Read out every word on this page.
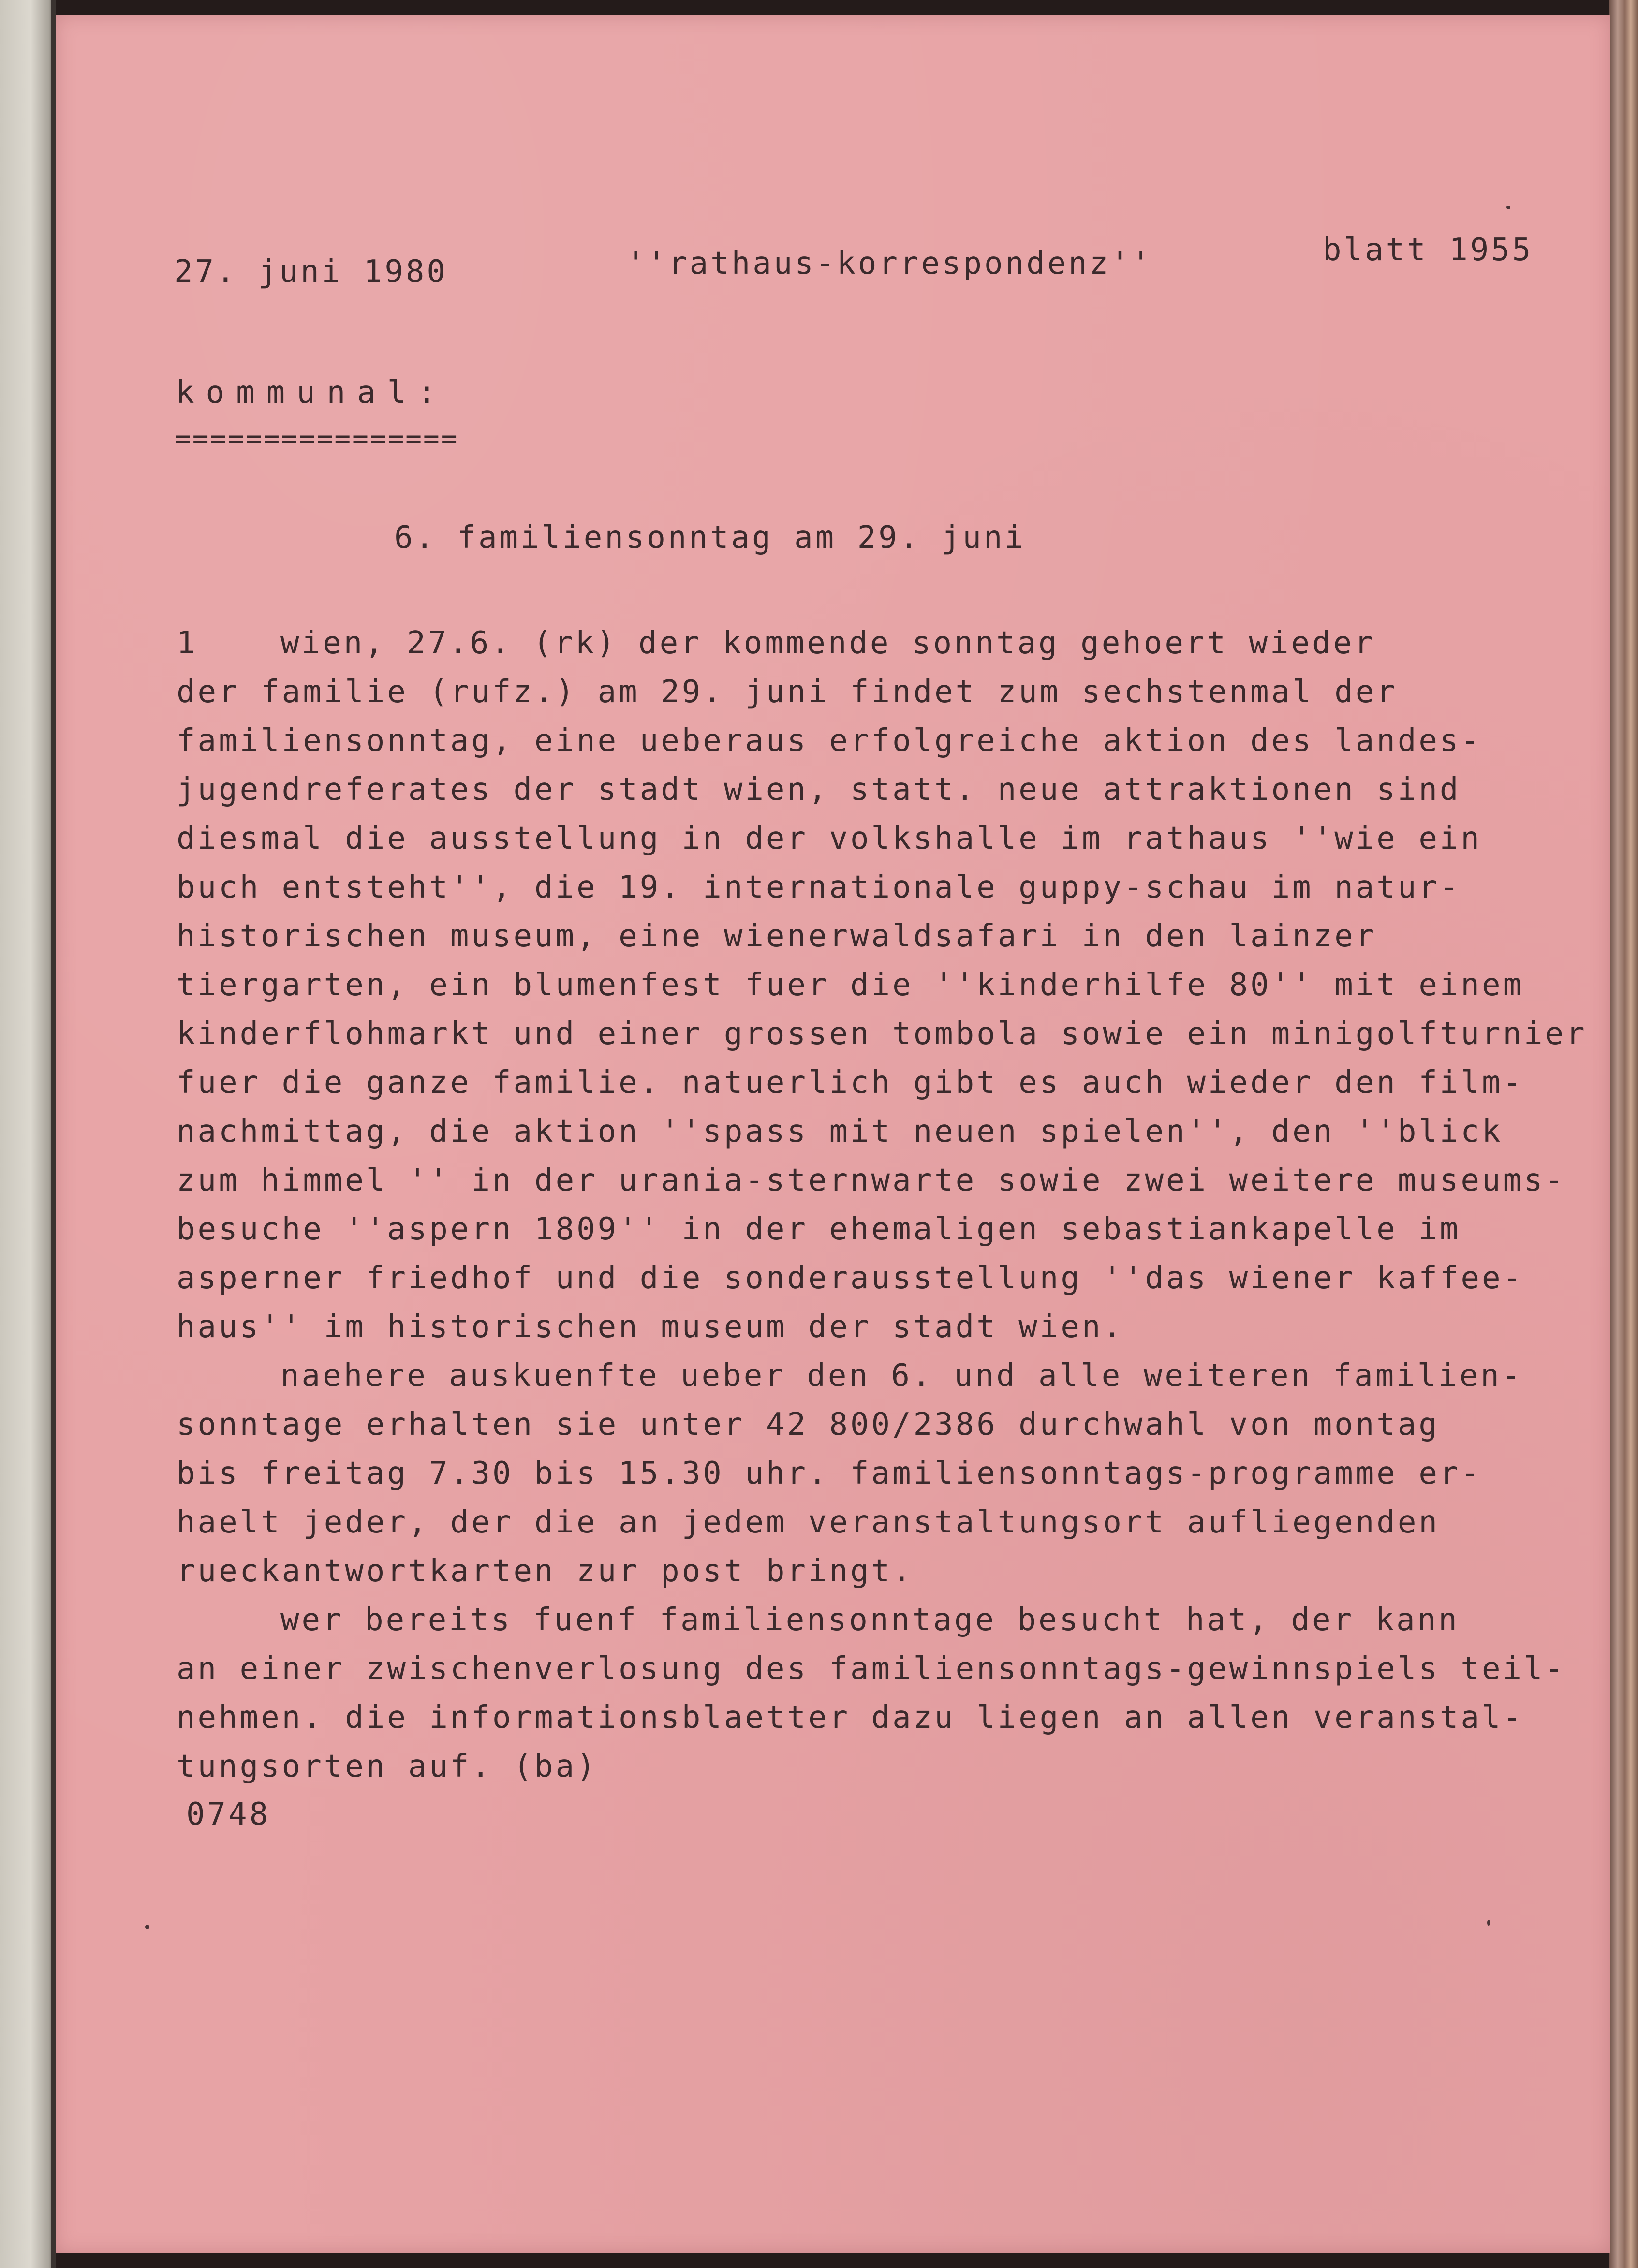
27. juni 1980	''rathaus-korrespondenz''	blatt 1955
kommunal:
================
6. familiensonntag am 29. juni
1	wien, 27.6. (rk) der kommende sonntag gehoert wieder
der familie (rufz.) am 29. juni findet zum sechstenmal der
familiensonntag, eine ueberaus erfolgreiche aktion des landes-
jugendreferates der stadt wien, statt. neue attraktionen sind
diesmal die ausstellung in der volkshalle im rathaus ''wie ein
buch entsteht'', die 19. internationale guppy-schau im natur-
historischen museum, eine wienerwaldsafari in den lainzer
tiergarten, ein blumenfest fuer die ''kinderhilfe 80'' mit einem
kinderflohmarkt und einer grossen tombola sowie ein minigolfturnier
fuer die ganze familie. natuerlich gibt es auch wieder den film-
nachmittag, die aktion ''spass mit neuen spielen'', den ''blick
zum himmel '' in der urania-sternwarte sowie zwei weitere museums-
besuche ''aspern 1809'' in der ehemaligen sebastiankapelle im
asperner friedhof und die sonderausstellung ''das wiener kaffee-
haus'' im historischen museum der stadt wien.
naehere auskuenfte ueber den 6. und alle weiteren familien-
sonntage erhalten sie unter 42 800/2386 durchwahl von montag
bis freitag 7.30 bis 15.30 uhr. familiensonntags-programme er-
haelt jeder, der die an jedem veranstaltungsort aufliegenden
rueckantwortkarten zur post bringt.
wer bereits fuenf familiensonntage besucht hat, der kann
an einer zwischenverlosung des familiensonntags-gewinnspiels teil-
nehmen. die informationsblaetter dazu liegen an allen veranstal-
tungsorten auf. (ba)
0748
